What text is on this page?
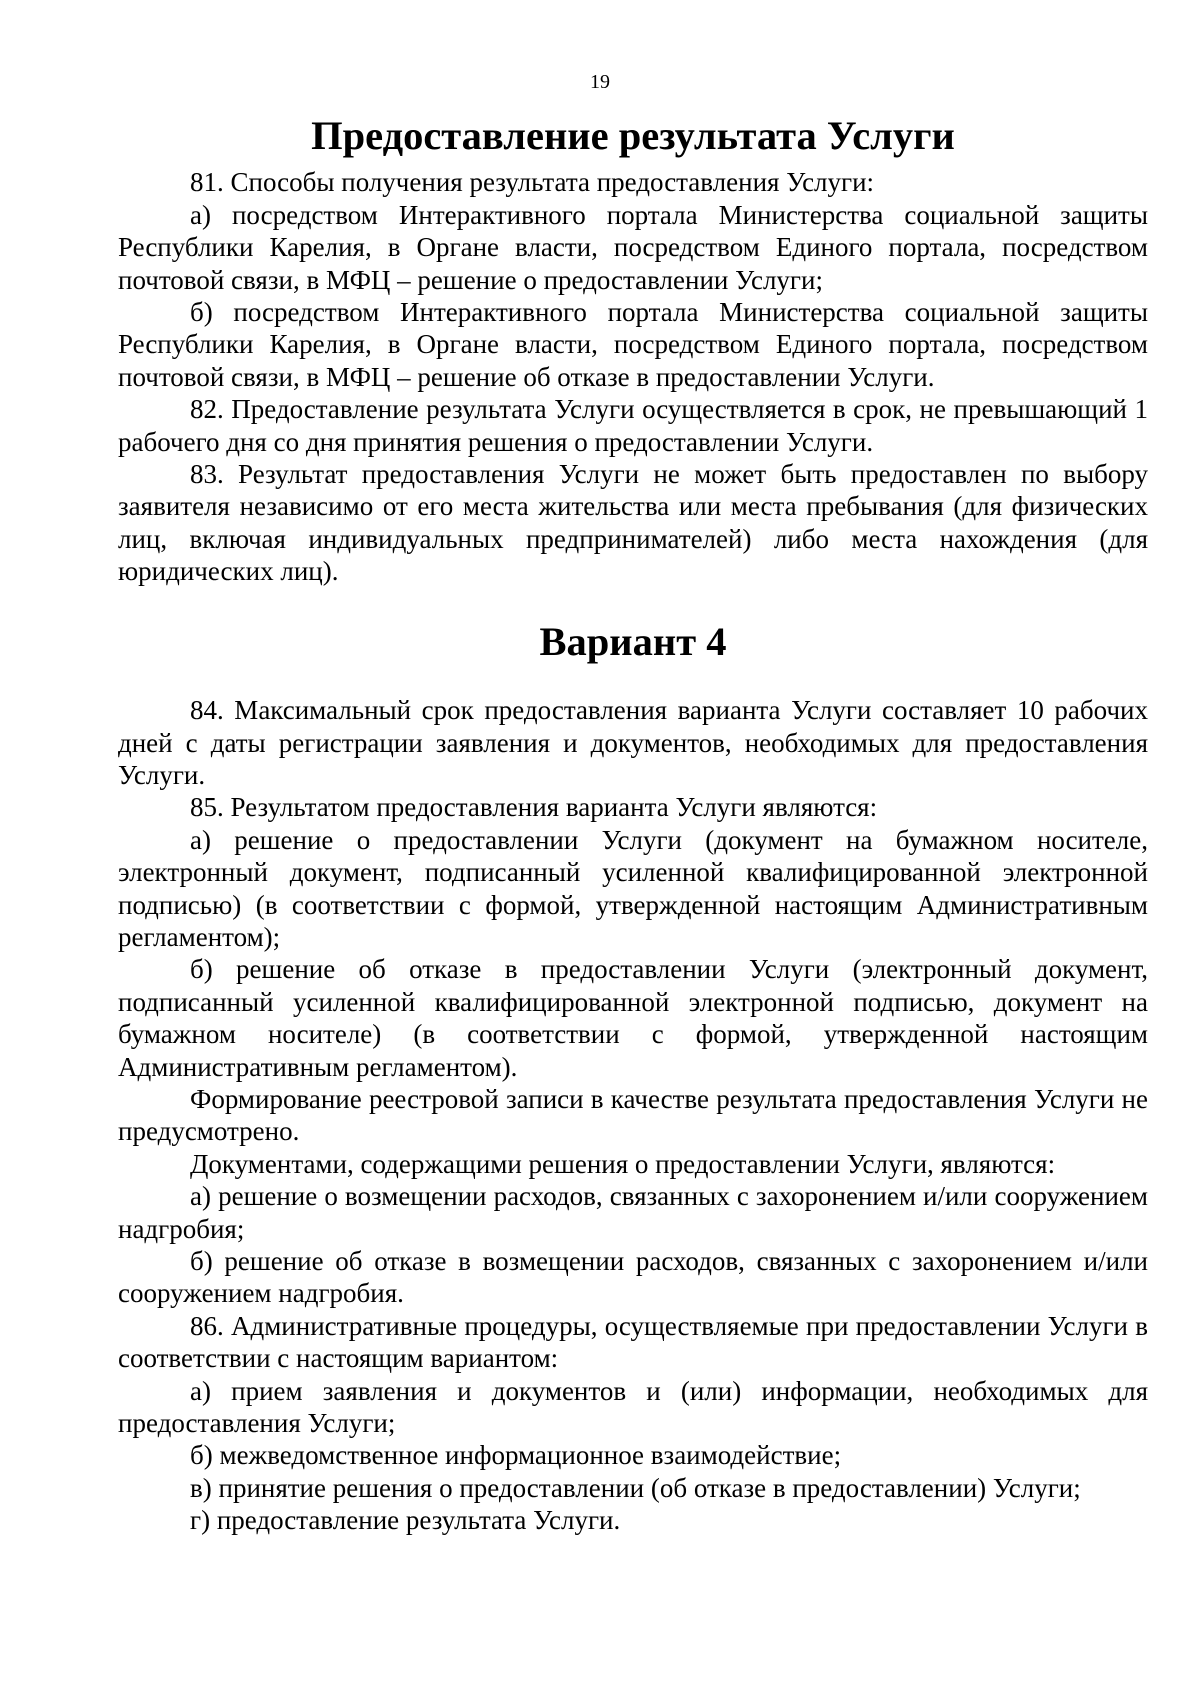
19
Предоставление результата Услуги

81. Способы получения результата предоставления Услуги:

а) посредством Интерактивного портала Министерства социальной защиты Республики Карелия, в Органе власти, посредством Единого портала, посредством почтовой связи, в МФЦ – решение о предоставлении Услуги;

б) посредством Интерактивного портала Министерства социальной защиты Республики Карелия, в Органе власти, посредством Единого портала, посредством почтовой связи, в МФЦ – решение об отказе в предоставлении Услуги.

82. Предоставление результата Услуги осуществляется в срок, не превышающий 1 рабочего дня со дня принятия решения о предоставлении Услуги.

83. Результат предоставления Услуги не может быть предоставлен по выбору заявителя независимо от его места жительства или места пребывания (для физических лиц, включая индивидуальных предпринимателей) либо места нахождения (для юридических лиц).

Вариант 4

84. Максимальный срок предоставления варианта Услуги составляет 10 рабочих дней с даты регистрации заявления и документов, необходимых для предоставления Услуги.

85. Результатом предоставления варианта Услуги являются:

а) решение о предоставлении Услуги (документ на бумажном носителе, электронный документ, подписанный усиленной квалифицированной электронной подписью) (в соответствии с формой, утвержденной настоящим Административным регламентом);

б) решение об отказе в предоставлении Услуги (электронный документ, подписанный усиленной квалифицированной электронной подписью, документ на бумажном носителе) (в соответствии с формой, утвержденной настоящим Административным регламентом).

Формирование реестровой записи в качестве результата предоставления Услуги не предусмотрено.

Документами, содержащими решения о предоставлении Услуги, являются:

а) решение о возмещении расходов, связанных с захоронением и/или сооружением надгробия;

б) решение об отказе в возмещении расходов, связанных с захоронением и/или сооружением надгробия.

86. Административные процедуры, осуществляемые при предоставлении Услуги в соответствии с настоящим вариантом:

а) прием заявления и документов и (или) информации, необходимых для предоставления Услуги;

б) межведомственное информационное взаимодействие;

в) принятие решения о предоставлении (об отказе в предоставлении) Услуги;

г) предоставление результата Услуги.
